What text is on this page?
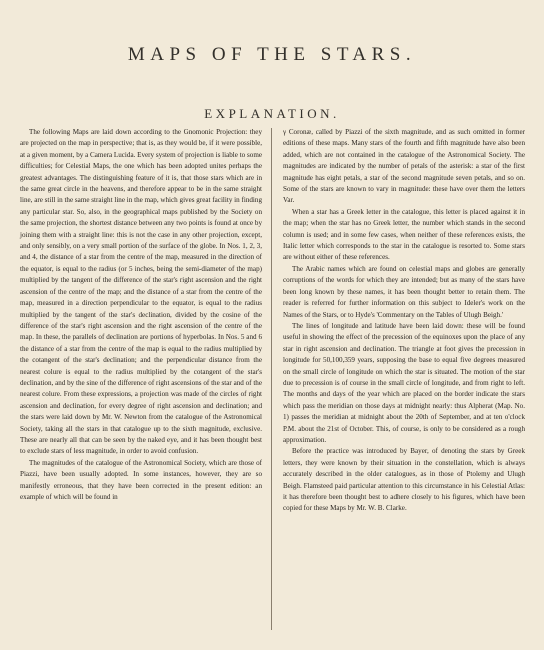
MAPS OF THE STARS.
EXPLANATION.

The following Maps are laid down according to the Gnomonic Projection: they are projected on the map in perspective; that is, as they would be, if it were possible, at a given moment, by a Camera Lucida. Every system of projection is liable to some difficulties; for Celestial Maps, the one which has been adopted unites perhaps the greatest advantages. The distinguishing feature of it is, that those stars which are in the same great circle in the heavens, and therefore appear to be in the same straight line, are still in the same straight line in the map, which gives great facility in finding any particular star. So, also, in the geographical maps published by the Society on the same projection, the shortest distance between any two points is found at once by joining them with a straight line: this is not the case in any other projection, except, and only sensibly, on a very small portion of the surface of the globe. In Nos. 1, 2, 3, and 4, the distance of a star from the centre of the map, measured in the direction of the equator, is equal to the radius (or 5 inches, being the semi-diameter of the map) multiplied by the tangent of the difference of the star's right ascension and the right ascension of the centre of the map; and the distance of a star from the centre of the map, measured in a direction perpendicular to the equator, is equal to the radius multiplied by the tangent of the star's declination, divided by the cosine of the difference of the star's right ascension and the right ascension of the centre of the map. In these, the parallels of declination are portions of hyperbolas. In Nos. 5 and 6 the distance of a star from the centre of the map is equal to the radius multiplied by the cotangent of the star's declination; and the perpendicular distance from the nearest colure is equal to the radius multiplied by the cotangent of the star's declination, and by the sine of the difference of right ascensions of the star and of the nearest colure. From these expressions, a projection was made of the circles of right ascension and declination, for every degree of right ascension and declination; and the stars were laid down by Mr. W. Newton from the catalogue of the Astronomical Society, taking all the stars in that catalogue up to the sixth magnitude, exclusive. These are nearly all that can be seen by the naked eye, and it has been thought best to exclude stars of less magnitude, in order to avoid confusion.

The magnitudes of the catalogue of the Astronomical Society, which are those of Piazzi, have been usually adopted. In some instances, however, they are so manifestly erroneous, that they have been corrected in the present edition: an example of which will be found in

γ Coronæ, called by Piazzi of the sixth magnitude, and as such omitted in former editions of these maps. Many stars of the fourth and fifth magnitude have also been added, which are not contained in the catalogue of the Astronomical Society. The magnitudes are indicated by the number of petals of the asterisk: a star of the first magnitude has eight petals, a star of the second magnitude seven petals, and so on. Some of the stars are known to vary in magnitude: these have over them the letters Var.

When a star has a Greek letter in the catalogue, this letter is placed against it in the map; when the star has no Greek letter, the number which stands in the second column is used; and in some few cases, when neither of these references exists, the Italic letter which corresponds to the star in the catalogue is resorted to. Some stars are without either of these references.

The Arabic names which are found on celestial maps and globes are generally corruptions of the words for which they are intended; but as many of the stars have been long known by these names, it has been thought better to retain them. The reader is referred for further information on this subject to Ideler's work on the Names of the Stars, or to Hyde's 'Commentary on the Tables of Ulugh Beigh.'

The lines of longitude and latitude have been laid down: these will be found useful in showing the effect of the precession of the equinoxes upon the place of any star in right ascension and declination. The triangle at foot gives the precession in longitude for 50,100,359 years, supposing the base to equal five degrees measured on the small circle of longitude on which the star is situated. The motion of the star due to precession is of course in the small circle of longitude, and from right to left. The months and days of the year which are placed on the border indicate the stars which pass the meridian on those days at midnight nearly: thus Alpherat (Map. No. 1) passes the meridian at midnight about the 20th of September, and at ten o'clock P.M. about the 21st of October. This, of course, is only to be considered as a rough approximation.

Before the practice was introduced by Bayer, of denoting the stars by Greek letters, they were known by their situation in the constellation, which is always accurately described in the older catalogues, as in those of Ptolemy and Ulugh Beigh. Flamsteed paid particular attention to this circumstance in his Celestial Atlas: it has therefore been thought best to adhere closely to his figures, which have been copied for these Maps by Mr. W. B. Clarke.
